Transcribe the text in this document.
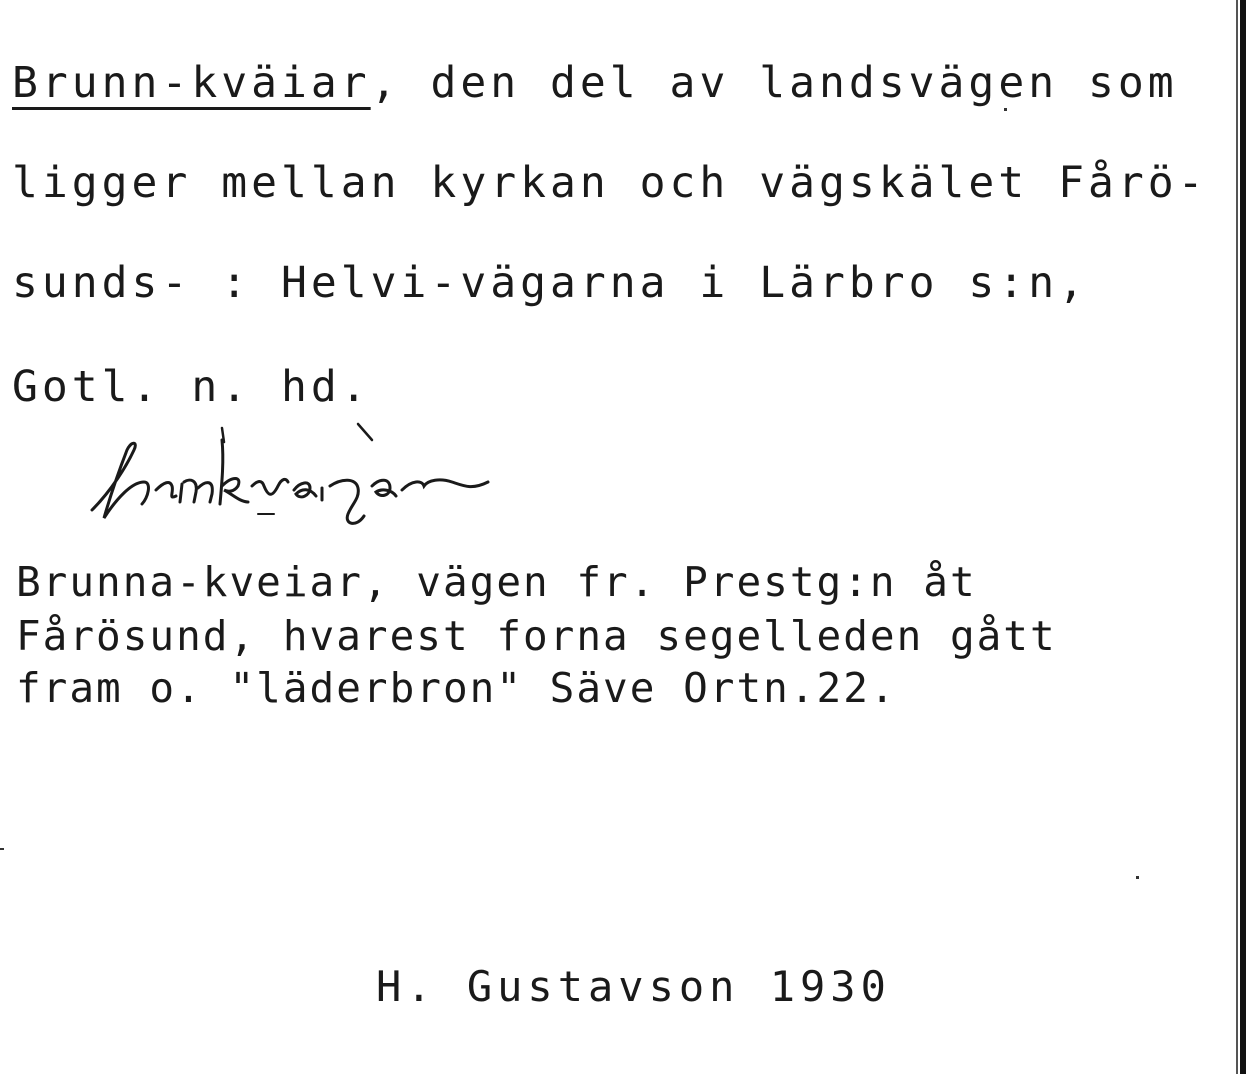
Brunn-kväiar, den del av landsvägen som
ligger mellan kyrkan och vägskälet Fårö-
sunds- : Helvi-vägarna i Lärbro s:n,
Gotl. n. hd.
Brunna-kveiar, vägen fr. Prestg:n åt
Fårösund, hvarest forna segelleden gått
fram o. "läderbron" Säve Ortn.22.
H. Gustavson 1930
